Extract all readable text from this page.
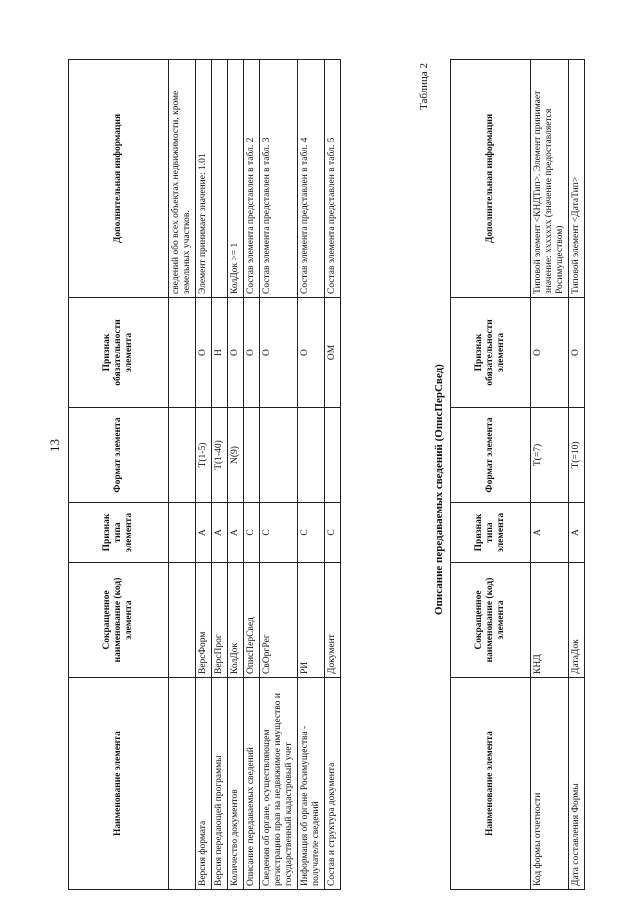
13
Наименование элемента	Сокращенное наименование (код) элемента	Признак типа элемента	Формат элемента	Признак обязательности элемента	Дополнительная информация
					сведений обо всех объектах недвижимости, кроме земельных участков.
Версия формата	ВерсФорм	А	Т(1-5)	О	Элемент принимает значение: 1.01
Версия передающей программы	ВерсПрог	А	Т(1-40)	Н	
Количество документов	КолДок	А	N(9)	О	КолДок >= 1
Описание передаваемых сведений	ОписПерСвед	С		О	Состав элемента представлен в табл. 2
Сведения об органе, осуществляющем регистрацию прав на недвижимое имущество и государственный кадастровый учет	СвОргРег	С		О	Состав элемента представлен в табл. 3
Информация об органе Росимущества - получателе сведений	РИ	С		О	Состав элемента представлен в табл. 4
Состав и структура документа	Документ	С		ОМ	Состав элемента представлен в табл. 5
Таблица 2
Описание передаваемых сведений (ОписПерСвед)
Наименование элемента	Сокращенное наименование (код) элемента	Признак типа элемента	Формат элемента	Признак обязательности элемента	Дополнительная информация
Код формы отчетности	КНД	А	Т(=7)	О	Типовой элемент <КНДТип>. Элемент принимает значение: xxxxxxx (значение предоставляется Росимуществом)
Дата составления Формы	ДатаДок	А	Т(=10)	О	Типовой элемент <ДатаТип>
